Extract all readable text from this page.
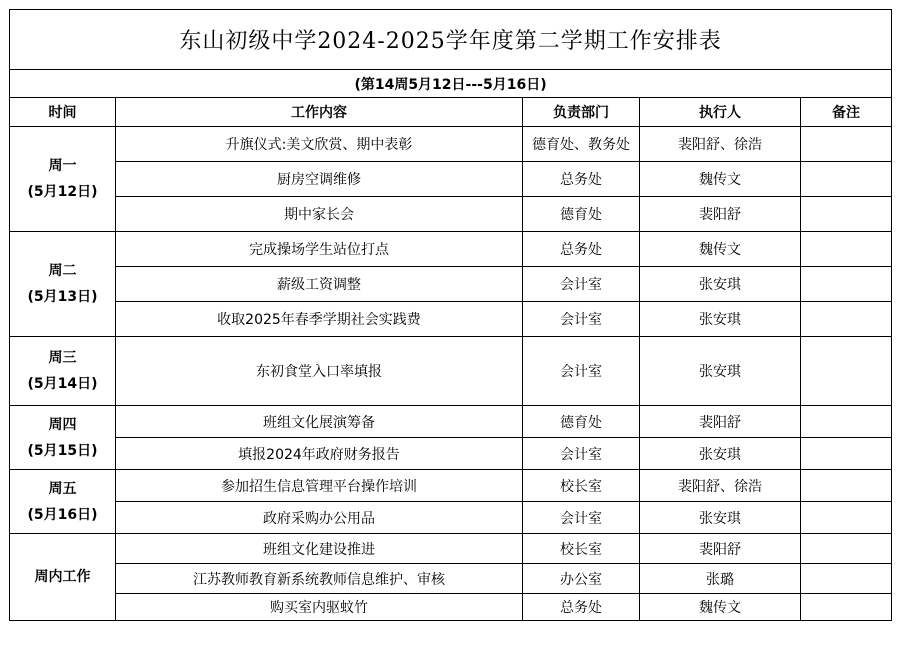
东山初级中学2024-2025学年度第二学期工作安排表				
(第14周5月12日---5月16日)				
时间	工作内容	负责部门	执行人	备注

周一
(5月12日)	升旗仪式:美文欣赏、期中表彰	德育处、教务处	裴阳舒、徐浩	
	厨房空调维修	总务处	魏传文	
	期中家长会	德育处	裴阳舒	

周二
(5月13日)	完成操场学生站位打点	总务处	魏传文	
	薪级工资调整	会计室	张安琪	
	收取2025年春季学期社会实践费	会计室	张安琪	

周三
(5月14日)	东初食堂入口率填报	会计室	张安琪	

周四
(5月15日)	班组文化展演筹备	德育处	裴阳舒	
	填报2024年政府财务报告	会计室	张安琪	

周五
(5月16日)	参加招生信息管理平台操作培训	校长室	裴阳舒、徐浩	
	政府采购办公用品	会计室	张安琪	

周内工作	班组文化建设推进	校长室	裴阳舒	
	江苏教师教育新系统教师信息维护、审核	办公室	张璐	
	购买室内驱蚊竹	总务处	魏传文	
